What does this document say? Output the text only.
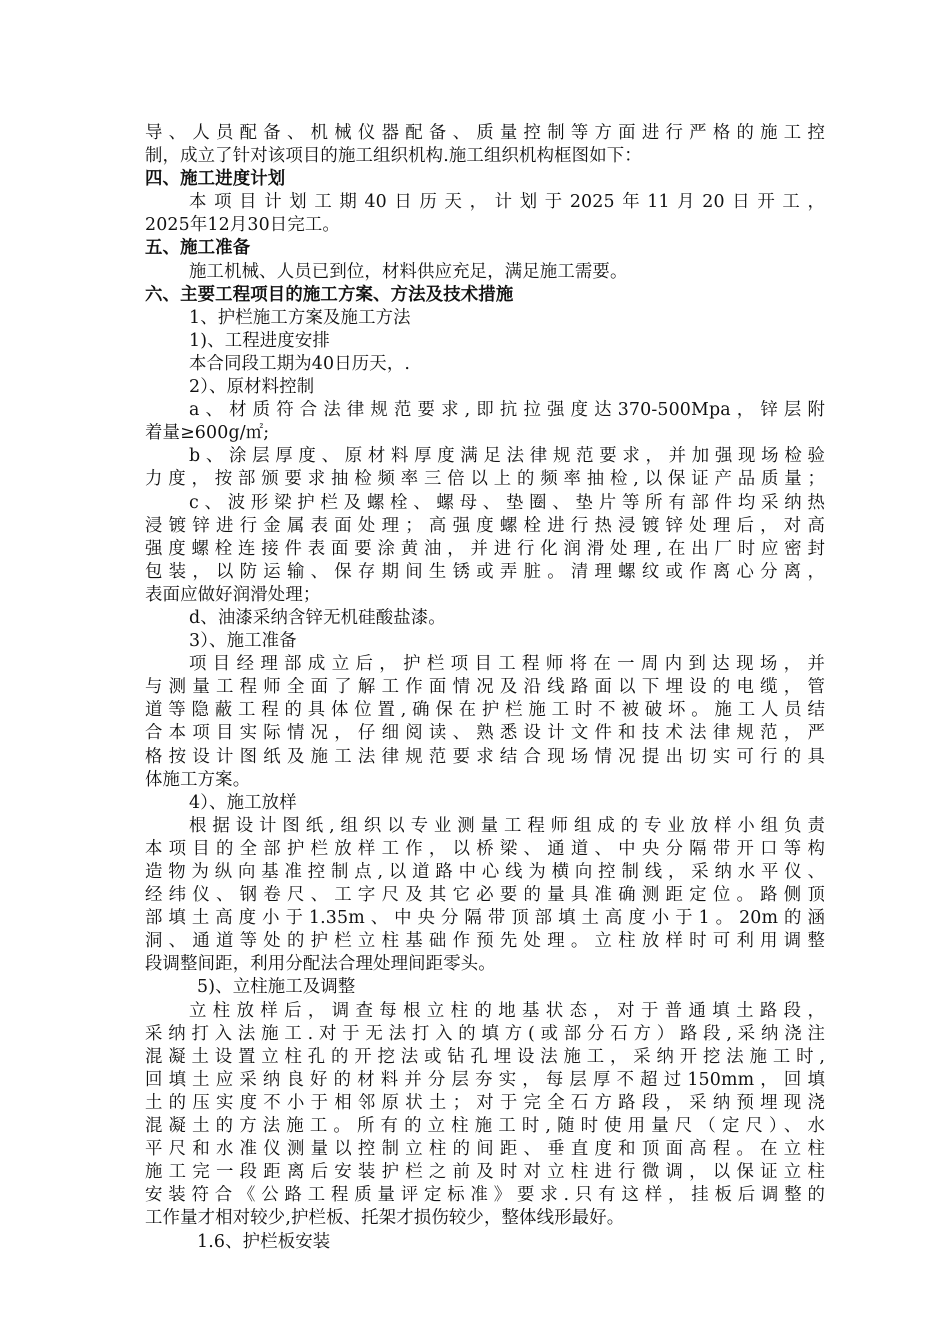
导、人员配备、机械仪器配备、质量控制等方面进行严格的施工控
制，成立了针对该项目的施工组织机构.施工组织机构框图如下：
四、施工进度计划
本项目计划工期40日历天，计划于2025年11月20日开工，
2025年12月30日完工。
五、施工准备
施工机械、人员已到位，材料供应充足，满足施工需要。
六、主要工程项目的施工方案、方法及技术措施
1、护栏施工方案及施工方法
1)、工程进度安排
本合同段工期为40日历天，.
2）、原材料控制
a、材质符合法律规范要求,即抗拉强度达370-500Mpa，锌层附
着量≥600g/㎡;
b、涂层厚度、原材料厚度满足法律规范要求，并加强现场检验
力度，按部颁要求抽检频率三倍以上的频率抽检,以保证产品质量；
c、波形梁护栏及螺栓、螺母、垫圈、垫片等所有部件均采纳热
浸镀锌进行金属表面处理；高强度螺栓进行热浸镀锌处理后，对高
强度螺栓连接件表面要涂黄油，并进行化润滑处理,在出厂时应密封
包装，以防运输、保存期间生锈或弄脏。清理螺纹或作离心分离，
表面应做好润滑处理；
d、油漆采纳含锌无机硅酸盐漆。
3）、施工准备
项目经理部成立后，护栏项目工程师将在一周内到达现场，并
与测量工程师全面了解工作面情况及沿线路面以下埋设的电缆，管
道等隐蔽工程的具体位置,确保在护栏施工时不被破坏。施工人员结
合本项目实际情况，仔细阅读、熟悉设计文件和技术法律规范，严
格按设计图纸及施工法律规范要求结合现场情况提出切实可行的具
体施工方案。
4）、施工放样
根据设计图纸,组织以专业测量工程师组成的专业放样小组负责
本项目的全部护栏放样工作，以桥梁、通道、中央分隔带开口等构
造物为纵向基准控制点,以道路中心线为横向控制线，采纳水平仪、
经纬仪、钢卷尺、工字尺及其它必要的量具准确测距定位。路侧顶
部填土高度小于1.35m、中央分隔带顶部填土高度小于1。20m的涵
洞、通道等处的护栏立柱基础作预先处理。立柱放样时可利用调整
段调整间距，利用分配法合理处理间距零头。
5)、立柱施工及调整
立柱放样后，调查每根立柱的地基状态，对于普通填土路段，
采纳打入法施工.对于无法打入的填方(或部分石方）路段,采纳浇注
混凝土设置立柱孔的开挖法或钻孔埋设法施工，采纳开挖法施工时,
回填土应采纳良好的材料并分层夯实，每层厚不超过150mm，回填
土的压实度不小于相邻原状土；对于完全石方路段，采纳预埋现浇
混凝土的方法施工。所有的立柱施工时,随时使用量尺（定尺）、水
平尺和水准仪测量以控制立柱的间距、垂直度和顶面高程。在立柱
施工完一段距离后安装护栏之前及时对立柱进行微调，以保证立柱
安装符合《公路工程质量评定标准》要求.只有这样，挂板后调整的
工作量才相对较少,护栏板、托架才损伤较少，整体线形最好。
1.6、护栏板安装
